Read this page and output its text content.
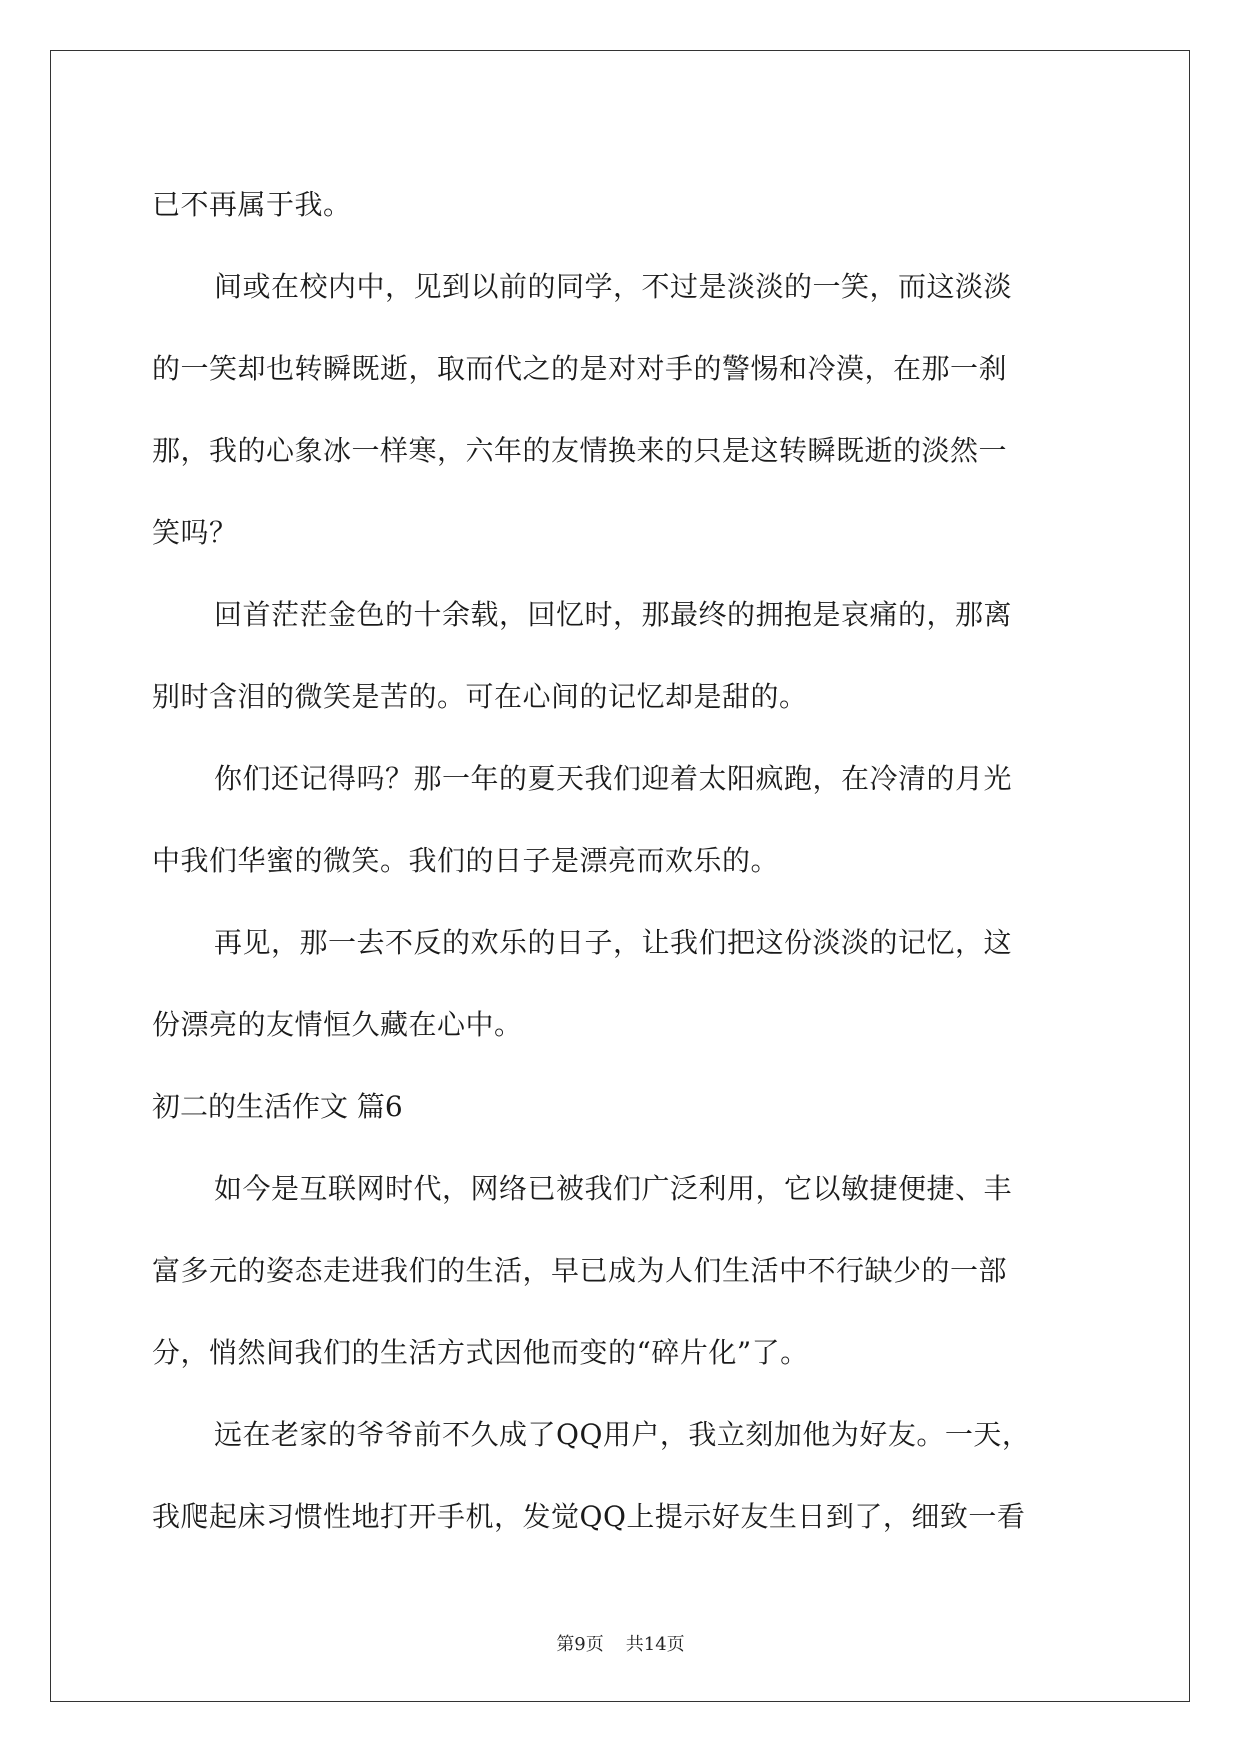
已不再属于我。
间或在校内中，见到以前的同学，不过是淡淡的一笑，而这淡淡
的一笑却也转瞬既逝，取而代之的是对对手的警惕和冷漠，在那一刹
那，我的心象冰一样寒，六年的友情换来的只是这转瞬既逝的淡然一
笑吗？
回首茫茫金色的十余载，回忆时，那最终的拥抱是哀痛的，那离
别时含泪的微笑是苦的。可在心间的记忆却是甜的。
你们还记得吗？那一年的夏天我们迎着太阳疯跑，在冷清的月光
中我们华蜜的微笑。我们的日子是漂亮而欢乐的。
再见，那一去不反的欢乐的日子，让我们把这份淡淡的记忆，这
份漂亮的友情恒久藏在心中。
初二的生活作文 篇6
如今是互联网时代，网络已被我们广泛利用，它以敏捷便捷、丰
富多元的姿态走进我们的生活，早已成为人们生活中不行缺少的一部
分，悄然间我们的生活方式因他而变的“碎片化”了。
远在老家的爷爷前不久成了QQ用户，我立刻加他为好友。一天，
我爬起床习惯性地打开手机，发觉QQ上提示好友生日到了，细致一看
第9页 共14页
